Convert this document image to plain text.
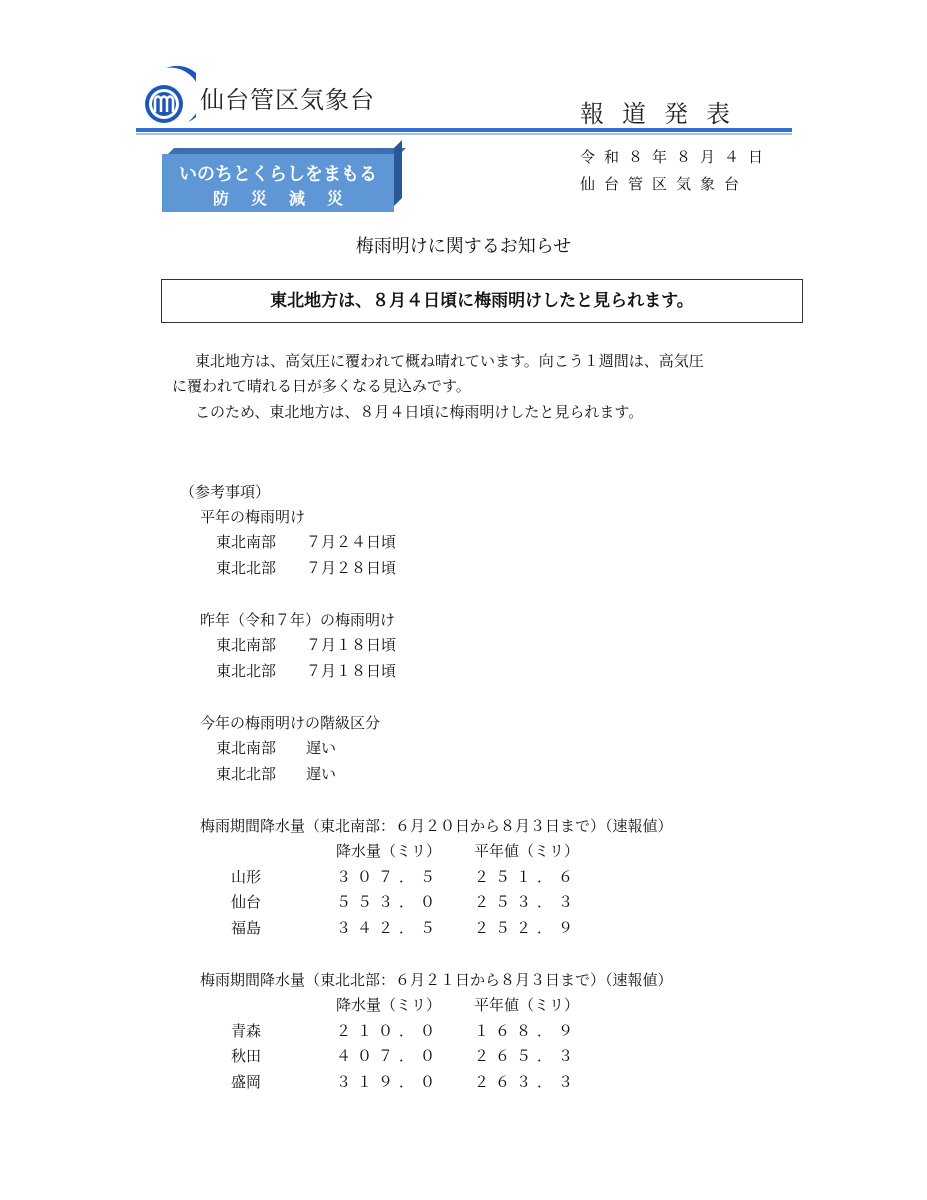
仙台管区気象台	報道発表
いのちとくらしをまもる
防災減災
令和８年８月４日
仙台管区気象台
梅雨明けに関するお知らせ
東北地方は、８月４日頃に梅雨明けしたと見られます。
東北地方は、高気圧に覆われて概ね晴れています。向こう１週間は、高気圧
に覆われて晴れる日が多くなる見込みです。
このため、東北地方は、８月４日頃に梅雨明けしたと見られます。
（参考事項）
平年の梅雨明け
東北南部 ７月２４日頃
東北北部 ７月２８日頃
昨年（令和７年）の梅雨明け
東北南部 ７月１８日頃
東北北部 ７月１８日頃
今年の梅雨明けの階級区分
東北南部 遅い
東北北部 遅い
梅雨期間降水量（東北南部：６月２０日から８月３日まで）（速報値）
降水量（ミリ） 平年値（ミリ）
山形	３０７．５ ２５１．６
仙台	５５３．０ ２５３．３
福島	３４２．５ ２５２．９
梅雨期間降水量（東北北部：６月２１日から８月３日まで）（速報値）
降水量（ミリ） 平年値（ミリ）
青森	２１０．０ １６８．９
秋田	４０７．０ ２６５．３
盛岡	３１９．０ ２６３．３
